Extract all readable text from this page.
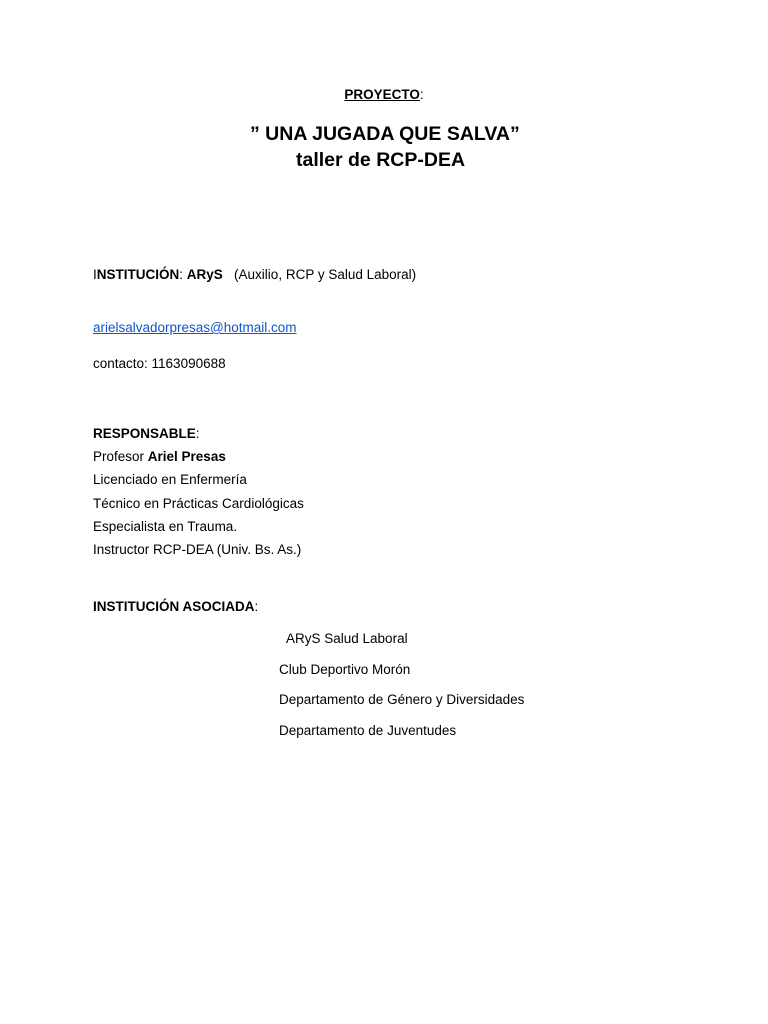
PROYECTO:
” UNA JUGADA QUE SALVA”
taller de RCP-DEA
INSTITUCIÓN: ARyS   (Auxilio, RCP y Salud Laboral)
arielsalvadorpresas@hotmail.com
contacto: 1163090688
RESPONSABLE:
Profesor Ariel Presas
Licenciado en Enfermería
Técnico en Prácticas Cardiológicas
Especialista en Trauma.
Instructor RCP-DEA (Univ. Bs. As.)
INSTITUCIÓN ASOCIADA:
ARyS Salud Laboral
Club Deportivo Morón
Departamento de Género y Diversidades
Departamento de Juventudes
